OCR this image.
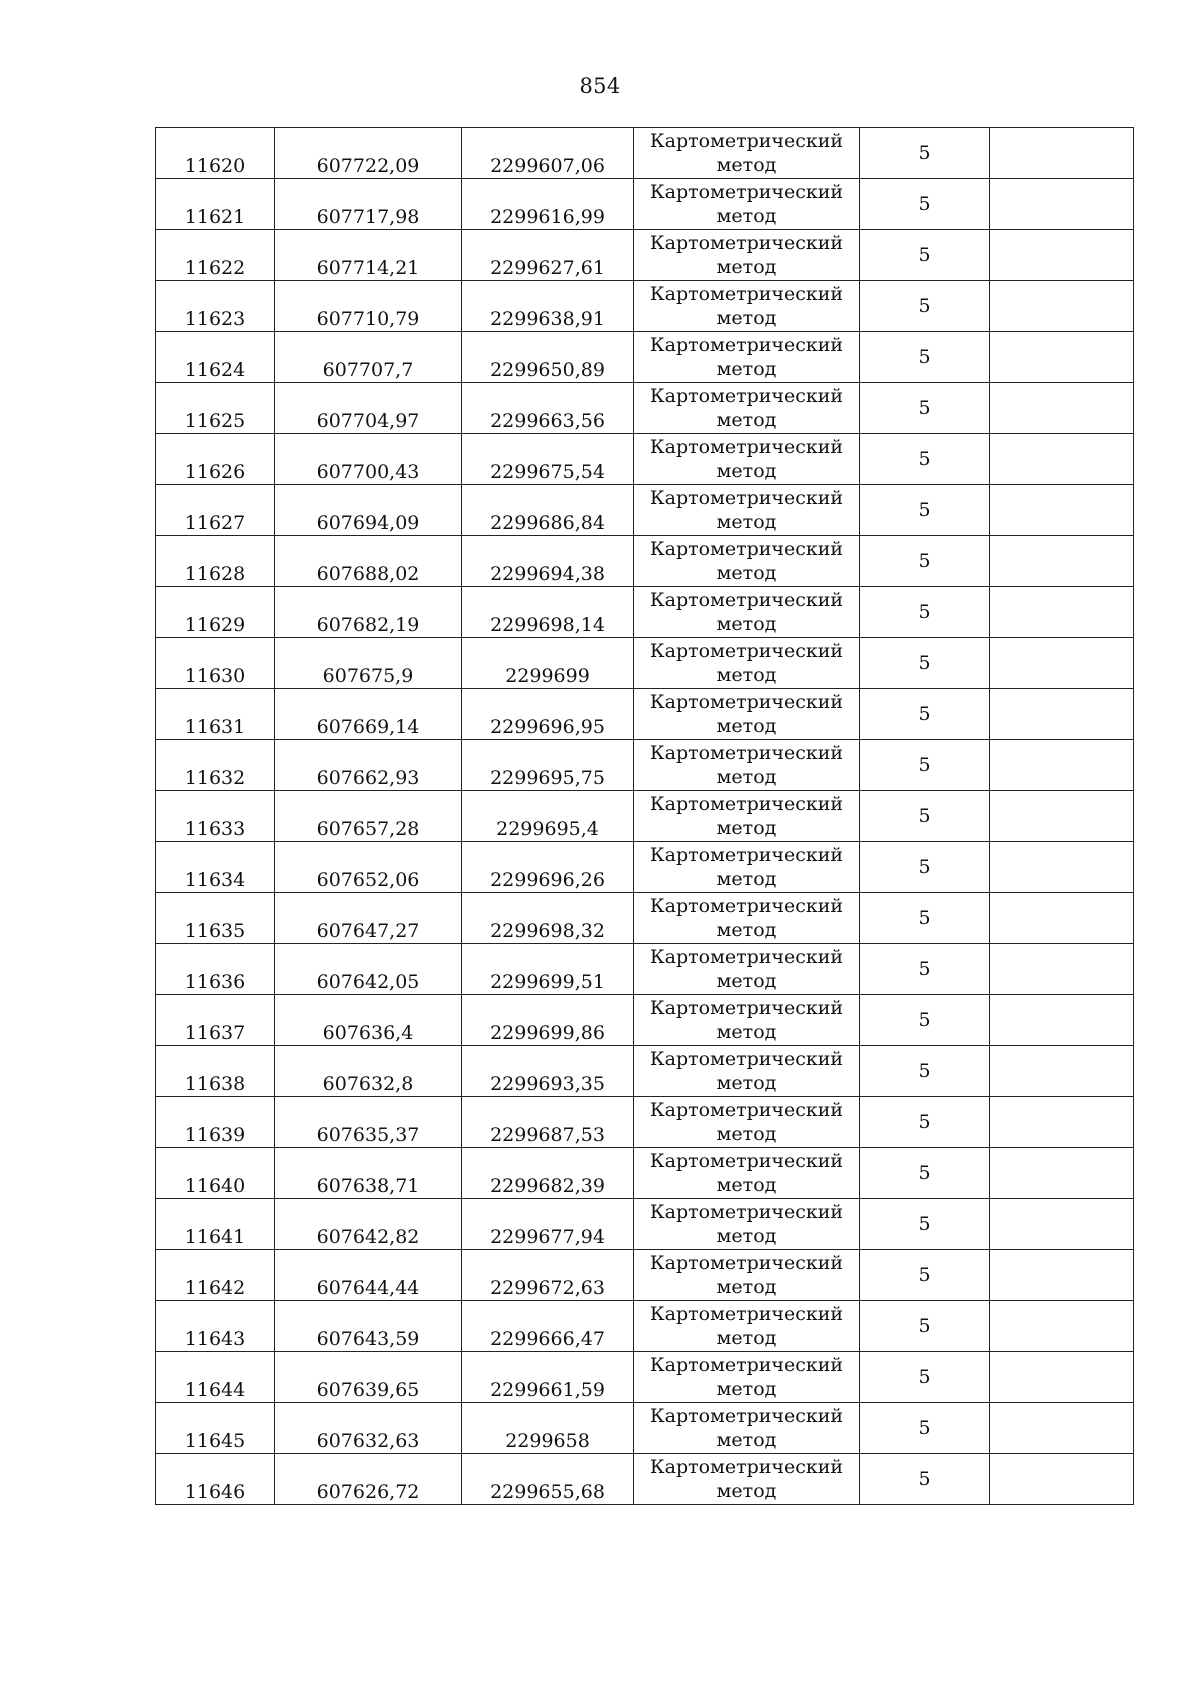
854
11620	607722,09	2299607,06	Картометрический
метод	5	
11621	607717,98	2299616,99	Картометрический
метод	5	
11622	607714,21	2299627,61	Картометрический
метод	5	
11623	607710,79	2299638,91	Картометрический
метод	5	
11624	607707,7	2299650,89	Картометрический
метод	5	
11625	607704,97	2299663,56	Картометрический
метод	5	
11626	607700,43	2299675,54	Картометрический
метод	5	
11627	607694,09	2299686,84	Картометрический
метод	5	
11628	607688,02	2299694,38	Картометрический
метод	5	
11629	607682,19	2299698,14	Картометрический
метод	5	
11630	607675,9	2299699	Картометрический
метод	5	
11631	607669,14	2299696,95	Картометрический
метод	5	
11632	607662,93	2299695,75	Картометрический
метод	5	
11633	607657,28	2299695,4	Картометрический
метод	5	
11634	607652,06	2299696,26	Картометрический
метод	5	
11635	607647,27	2299698,32	Картометрический
метод	5	
11636	607642,05	2299699,51	Картометрический
метод	5	
11637	607636,4	2299699,86	Картометрический
метод	5	
11638	607632,8	2299693,35	Картометрический
метод	5	
11639	607635,37	2299687,53	Картометрический
метод	5	
11640	607638,71	2299682,39	Картометрический
метод	5	
11641	607642,82	2299677,94	Картометрический
метод	5	
11642	607644,44	2299672,63	Картометрический
метод	5	
11643	607643,59	2299666,47	Картометрический
метод	5	
11644	607639,65	2299661,59	Картометрический
метод	5	
11645	607632,63	2299658	Картометрический
метод	5	
11646	607626,72	2299655,68	Картометрический
метод	5	
